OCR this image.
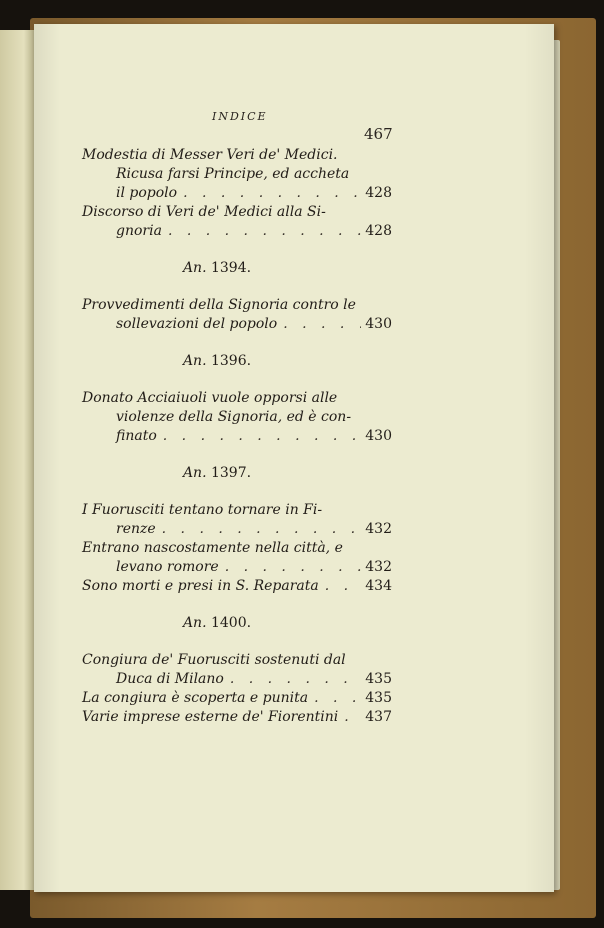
INDICE
467
Modestia di Messer Veri de' Medici.
Ricusa farsi Principe, ed accheta
il popolo . . .	428
Discorso di Veri de' Medici alla Si-
gnoria . . .	428
An. 1394.
Provvedimenti della Signoria contro le
sollevazioni del popolo . . .	430
An. 1396.
Donato Acciaiuoli vuole opporsi alle
violenze della Signoria, ed è con-
finato . . .	430
An. 1397.
I Fuorusciti tentano tornare in Fi-
renze . . .	432
Entrano nascostamente nella città, e
levano romore . . .	432
Sono morti e presi in S. Reparata . . .	434
An. 1400.
Congiura de' Fuorusciti sostenuti dal
Duca di Milano . . .	435
La congiura è scoperta e punita . . .	435
Varie imprese esterne de' Fiorentini . . . 437
